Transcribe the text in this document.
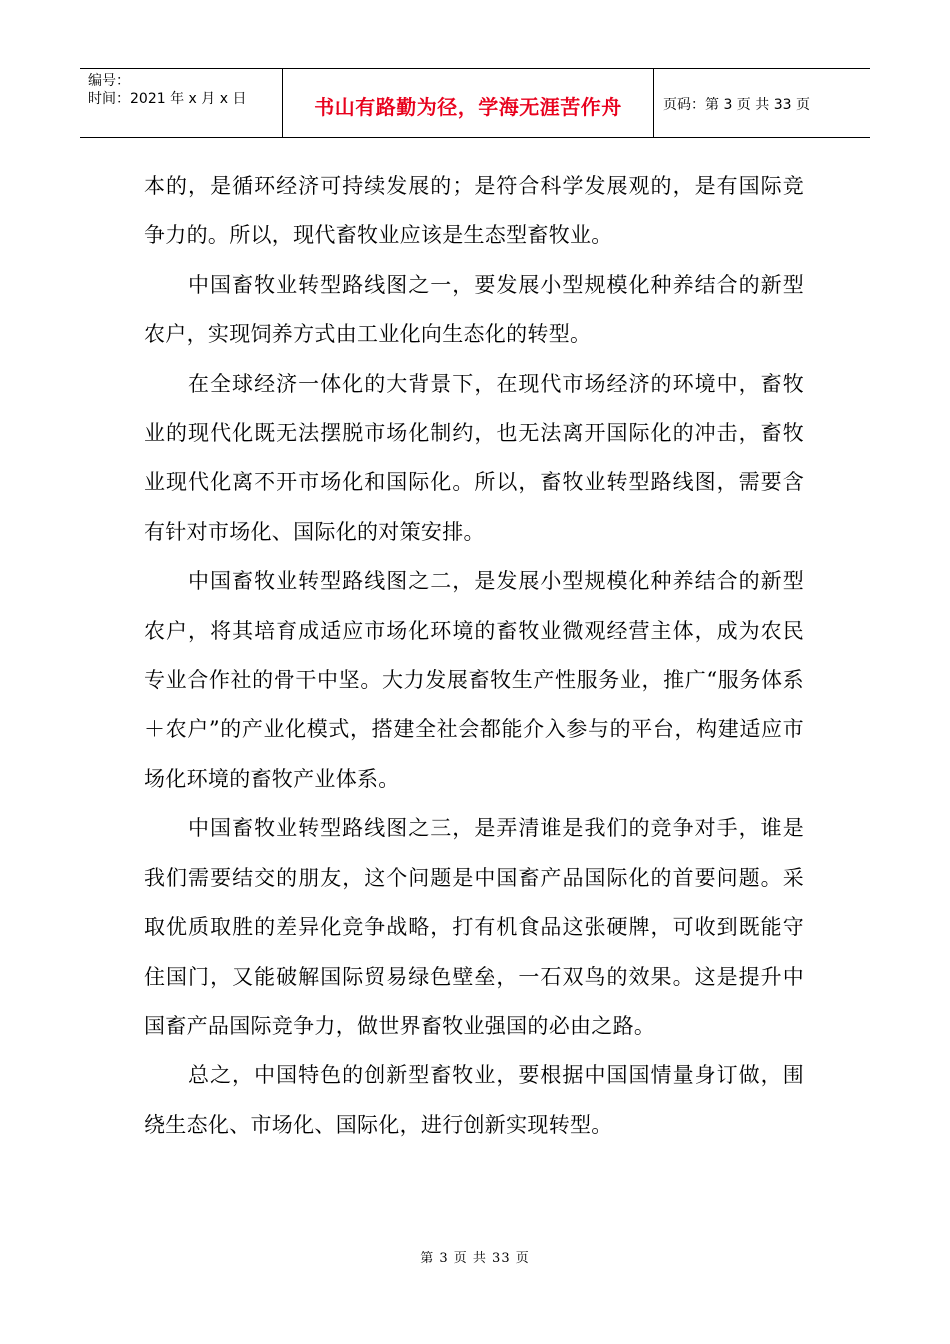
编号：
时间：2021 年 x 月 x 日	书山有路勤为径，学海无涯苦作舟	页码：第 3 页 共 33 页

本的，是循环经济可持续发展的；是符合科学发展观的，是有国际竞争力的。所以，现代畜牧业应该是生态型畜牧业。

中国畜牧业转型路线图之一，要发展小型规模化种养结合的新型农户，实现饲养方式由工业化向生态化的转型。

在全球经济一体化的大背景下，在现代市场经济的环境中，畜牧业的现代化既无法摆脱市场化制约，也无法离开国际化的冲击，畜牧业现代化离不开市场化和国际化。所以，畜牧业转型路线图，需要含有针对市场化、国际化的对策安排。

中国畜牧业转型路线图之二，是发展小型规模化种养结合的新型农户，将其培育成适应市场化环境的畜牧业微观经营主体，成为农民专业合作社的骨干中坚。大力发展畜牧生产性服务业，推广“服务体系＋农户”的产业化模式，搭建全社会都能介入参与的平台，构建适应市场化环境的畜牧产业体系。

中国畜牧业转型路线图之三，是弄清谁是我们的竞争对手，谁是我们需要结交的朋友，这个问题是中国畜产品国际化的首要问题。采取优质取胜的差异化竞争战略，打有机食品这张硬牌，可收到既能守住国门，又能破解国际贸易绿色壁垒，一石双鸟的效果。这是提升中国畜产品国际竞争力，做世界畜牧业强国的必由之路。

总之，中国特色的创新型畜牧业，要根据中国国情量身订做，围绕生态化、市场化、国际化，进行创新实现转型。

第 3 页 共 33 页
